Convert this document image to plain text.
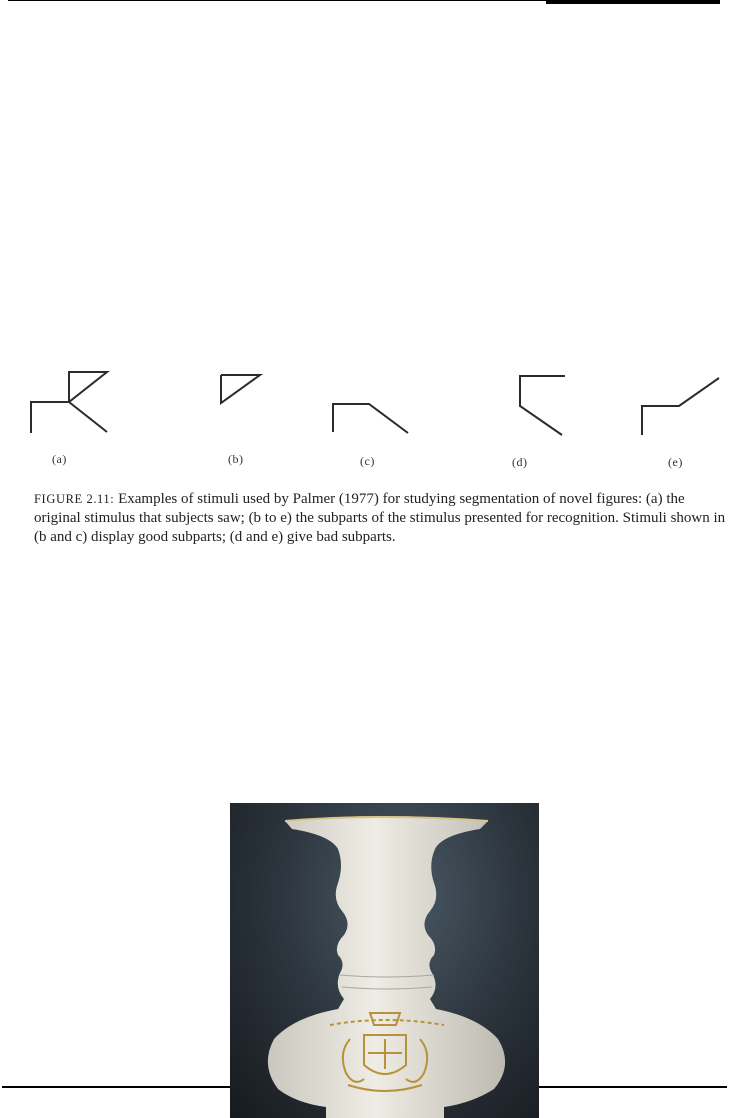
(a)	(b)	(c)	(d)	(e)
FIGURE 2.11: Examples of stimuli used by Palmer (1977) for studying segmentation of novel figures: (a) the original stimulus that subjects saw; (b to e) the subparts of the stimulus presented for recognition. Stimuli shown in (b and c) display good subparts; (d and e) give bad subparts.
